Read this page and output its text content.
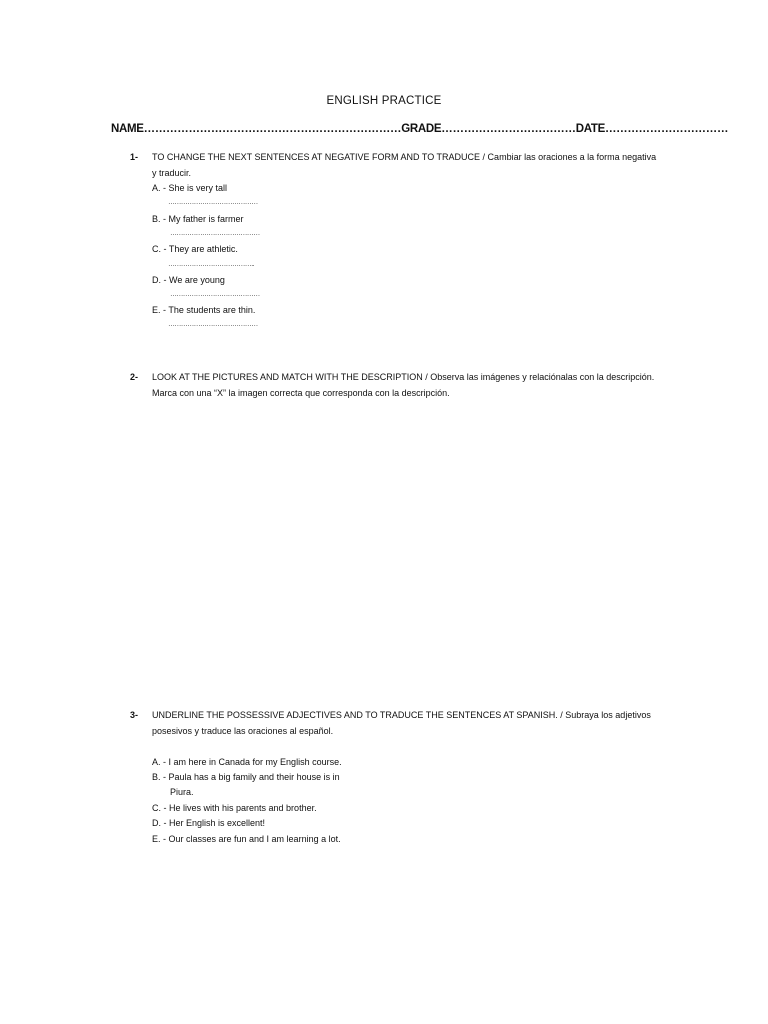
ENGLISH PRACTICE
NAME……………………………………………………………GRADE………………………………DATE……………………………
1- TO CHANGE THE NEXT SENTENCES AT NEGATIVE FORM AND TO TRADUCE / Cambiar las oraciones a la forma negativa y traducir.
A. - She is very tall
……………………………………
B. - My father is farmer
……………………………………
C. - They are athletic.
…………………………………..
D. - We are young
……………………………………
E. - The students are thin.
……………………………………
2- LOOK AT THE PICTURES AND MATCH WITH THE DESCRIPTION / Observa las imágenes y relaciónalas con la descripción. Marca con una “X” la imagen correcta que corresponda con la descripción.
3- UNDERLINE THE POSSESSIVE ADJECTIVES AND TO TRADUCE THE SENTENCES AT SPANISH. / Subraya los adjetivos posesivos y traduce las oraciones al español.
A. - I am here in Canada for my English course.
B. - Paula has a big family and their house is in
Piura.
C. - He lives with his parents and brother.
D. - Her English is excellent!
E. - Our classes are fun and I am learning a lot.
